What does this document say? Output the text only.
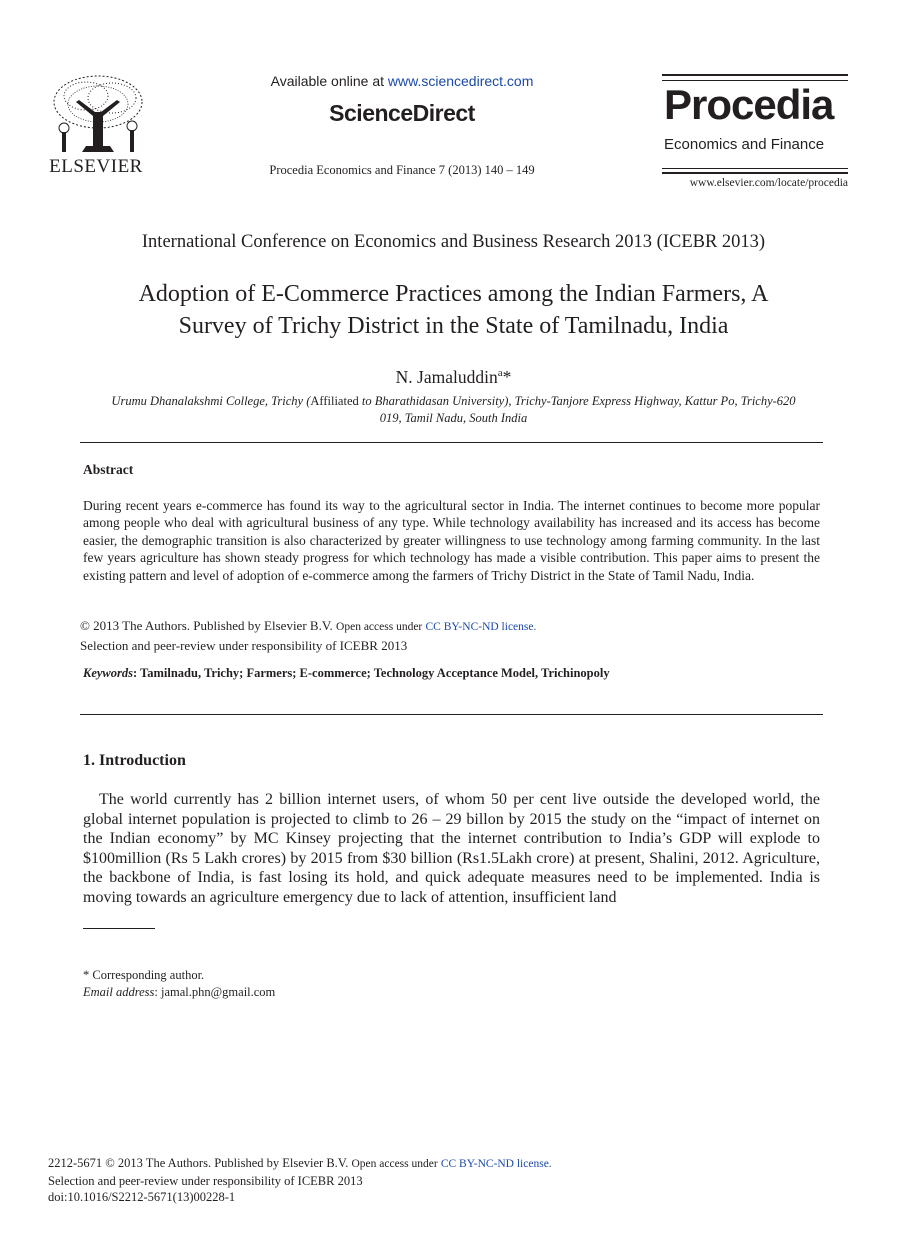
ELSEVIER
Available online at www.sciencedirect.com
ScienceDirect
Procedia Economics and Finance 7 (2013) 140 – 149
Procedia
Economics and Finance
www.elsevier.com/locate/procedia
International Conference on Economics and Business Research 2013 (ICEBR 2013)
Adoption of E-Commerce Practices among the Indian Farmers, A
Survey of Trichy District in the State of Tamilnadu, India
N. Jamaluddin$^a$*
Urumu Dhanalakshmi College, Trichy (Affiliated to Bharathidasan University), Trichy-Tanjore Express Highway, Kattur Po, Trichy-620
019, Tamil Nadu, South India
Abstract
During recent years e-commerce has found its way to the agricultural sector in India. The internet continues to become more popular among people who deal with agricultural business of any type. While technology availability has increased and its access has become easier, the demographic transition is also characterized by greater willingness to use technology among farming community. In the last few years agriculture has shown steady progress for which technology has made a visible contribution. This paper aims to present the existing pattern and level of adoption of e-commerce among the farmers of Trichy District in the State of Tamil Nadu, India.
© 2013 The Authors. Published by Elsevier B.V. Open access under CC BY-NC-ND license.
Selection and peer-review under responsibility of ICEBR 2013
Keywords: Tamilnadu, Trichy; Farmers; E-commerce; Technology Acceptance Model, Trichinopoly
1. Introduction
The world currently has 2 billion internet users, of whom 50 per cent live outside the developed world, the global internet population is projected to climb to 26 – 29 billon by 2015 the study on the “impact of internet on the Indian economy” by MC Kinsey projecting that the internet contribution to India’s GDP will explode to $100million (Rs 5 Lakh crores) by 2015 from $30 billion (Rs1.5Lakh crore) at present, Shalini, 2012. Agriculture, the backbone of India, is fast losing its hold, and quick adequate measures need to be implemented. India is moving towards an agriculture emergency due to lack of attention, insufficient land
* Corresponding author.
Email address: jamal.phn@gmail.com
2212-5671 © 2013 The Authors. Published by Elsevier B.V. Open access under CC BY-NC-ND license.
Selection and peer-review under responsibility of ICEBR 2013
doi:10.1016/S2212-5671(13)00228-1
